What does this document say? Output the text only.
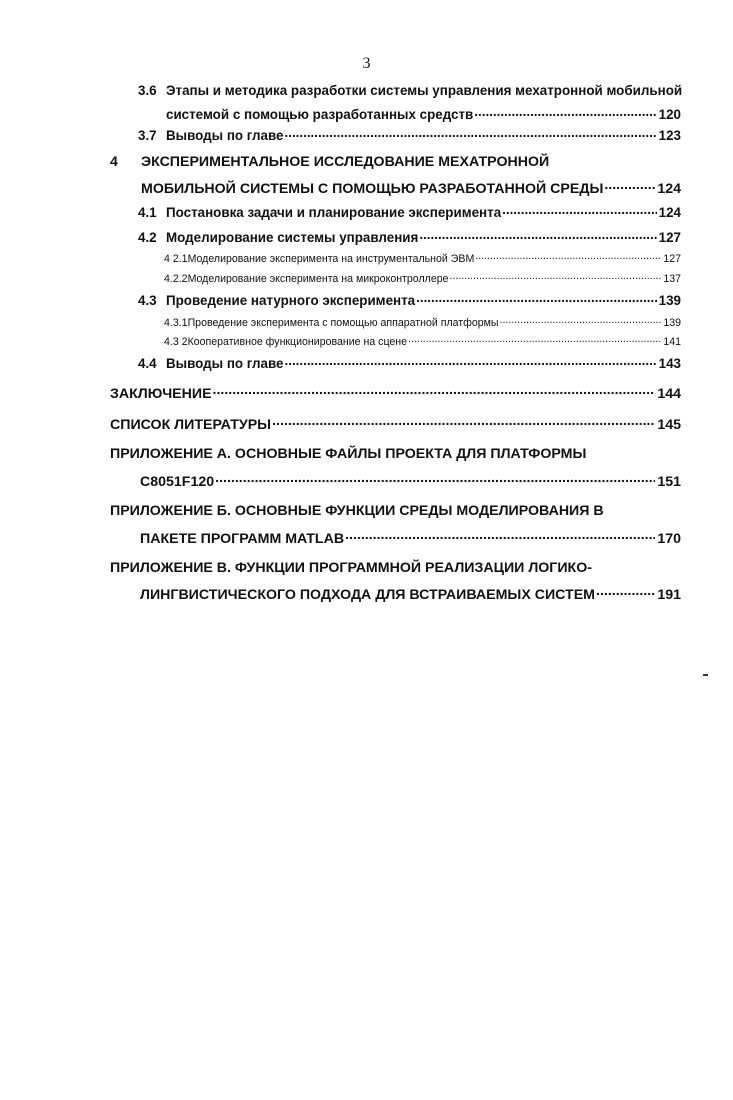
3
3.6 Этапы и методика разработки системы управления мехатронной мобильной
системой с помощью разработанных средств .....	120
3.7 Выводы по главе .....	123
4 ЭКСПЕРИМЕНТАЛЬНОЕ ИССЛЕДОВАНИЕ МЕХАТРОННОЙ
МОБИЛЬНОЙ СИСТЕМЫ С ПОМОЩЬЮ РАЗРАБОТАННОЙ СРЕДЫ .....	124
4.1 Постановка задачи и планирование эксперимента .....	124
4.2 Моделирование системы управления .....	127
4 2.1 Моделирование эксперимента на инструментальной ЭВМ .....	127
4.2.2 Моделирование эксперимента на микроконтроллере .....	137
4.3 Проведение натурного эксперимента .....	139
4.3.1 Проведение эксперимента с помощью аппаратной платформы .....	139
4.3 2 Кооперативное функционирование на сцене .....	141
4.4 Выводы по главе .....	143
ЗАКЛЮЧЕНИЕ .....	144
СПИСОК ЛИТЕРАТУРЫ .....	145
ПРИЛОЖЕНИЕ А. ОСНОВНЫЕ ФАЙЛЫ ПРОЕКТА ДЛЯ ПЛАТФОРМЫ
C8051F120 .....	151
ПРИЛОЖЕНИЕ Б. ОСНОВНЫЕ ФУНКЦИИ СРЕДЫ МОДЕЛИРОВАНИЯ В
ПАКЕТЕ ПРОГРАММ MATLAB .....	170
ПРИЛОЖЕНИЕ В. ФУНКЦИИ ПРОГРАММНОЙ РЕАЛИЗАЦИИ ЛОГИКО-
ЛИНГВИСТИЧЕСКОГО ПОДХОДА ДЛЯ ВСТРАИВАЕМЫХ СИСТЕМ .....	191
